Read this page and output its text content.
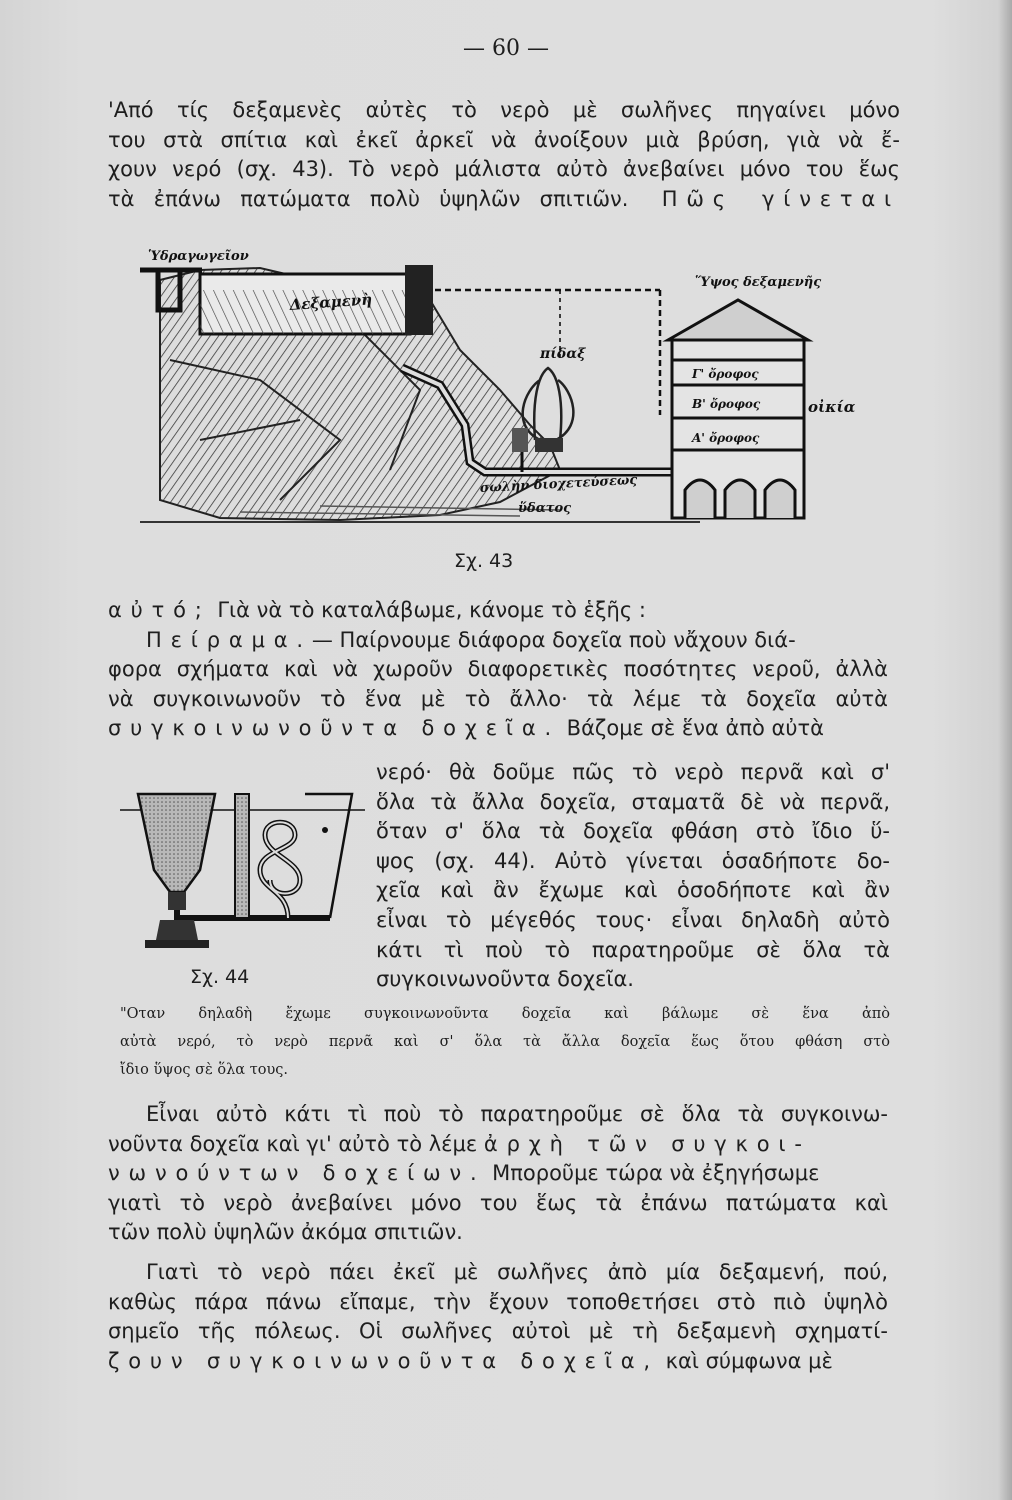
— 60 —
'Από τίς δεξαμενὲς αὐτὲς τὸ νερὸ μὲ σωλῆνες πηγαίνει μόνο
του στὰ σπίτια καὶ ἐκεῖ ἀρκεῖ νὰ ἀνοίξουν μιὰ βρύση, γιὰ νὰ ἔ-
χουν νερό (σχ. 43). Τὸ νερὸ μάλιστα αὐτὸ ἀνεβαίνει μόνο του ἕως
τὰ ἐπάνω πατώματα πολὺ ὑψηλῶν σπιτιῶν. Πῶς γίνεται
Ὑδραγωγεῖον
Δεξαμενὴ
Ὕψος δεξαμενῆς
πίδαξ
Γ' ὄροφος
Β' ὄροφος
Α' ὄροφος
οἰκία
σωλὴν διοχετεύσεως
ὕδατος
Σχ. 43
αὐτό; Γιὰ νὰ τὸ καταλάβωμε, κάνομε τὸ ἑξῆς :
Πείραμα.— Παίρνουμε διάφορα δοχεῖα ποὺ νἄχουν διά-
φορα σχήματα καὶ νὰ χωροῦν διαφορετικὲς ποσότητες νεροῦ, ἀλλὰ
νὰ συγκοινωνοῦν τὸ ἕνα μὲ τὸ ἄλλο· τὰ λέμε τὰ δοχεῖα αὐτὰ
συγκοινωνοῦντα δοχεῖα. Βάζομε σὲ ἕνα ἀπὸ αὐτὰ
Σχ. 44
νερό· θὰ δοῦμε πῶς τὸ νερὸ περνᾶ καὶ σ'
ὅλα τὰ ἄλλα δοχεῖα, σταματᾶ δὲ νὰ περνᾶ,
ὅταν σ' ὅλα τὰ δοχεῖα φθάση στὸ ἴδιο ὕ-
ψος (σχ. 44). Αὐτὸ γίνεται ὁσαδήποτε δο-
χεῖα καὶ ἂν ἔχωμε καὶ ὁσοδήποτε καὶ ἂν
εἶναι τὸ μέγεθός τους· εἶναι δηλαδὴ αὐτὸ
κάτι τὶ ποὺ τὸ παρατηροῦμε σὲ ὅλα τὰ
συγκοινωνοῦντα δοχεῖα.
"Οταν δηλαδὴ ἔχωμε συγκοινωνοῦντα δοχεῖα καὶ βάλωμε σὲ ἕνα ἀπὸ
αὐτὰ νερό, τὸ νερὸ περνᾶ καὶ σ' ὅλα τὰ ἄλλα δοχεῖα ἕως ὅτου φθάση στὸ
ἴδιο ὕψος σὲ ὅλα τους.
Εἶναι αὐτὸ κάτι τὶ ποὺ τὸ παρατηροῦμε σὲ ὅλα τὰ συγκοινω-
νοῦντα δοχεῖα καὶ γι' αὐτὸ τὸ λέμε ἀρχὴ τῶν συγκοι-
νωνούντων δοχείων. Μποροῦμε τώρα νὰ ἐξηγήσωμε
γιατὶ τὸ νερὸ ἀνεβαίνει μόνο του ἕως τὰ ἐπάνω πατώματα καὶ
τῶν πολὺ ὑψηλῶν ἀκόμα σπιτιῶν.
Γιατὶ τὸ νερὸ πάει ἐκεῖ μὲ σωλῆνες ἀπὸ μία δεξαμενή, πού,
καθὼς πάρα πάνω εἴπαμε, τὴν ἔχουν τοποθετήσει στὸ πιὸ ὑψηλὸ
σημεῖο τῆς πόλεως. Οἱ σωλῆνες αὐτοὶ μὲ τὴ δεξαμενὴ σχηματί-
ζουν συγκοινωνοῦντα δοχεῖα, καὶ σύμφωνα μὲ
